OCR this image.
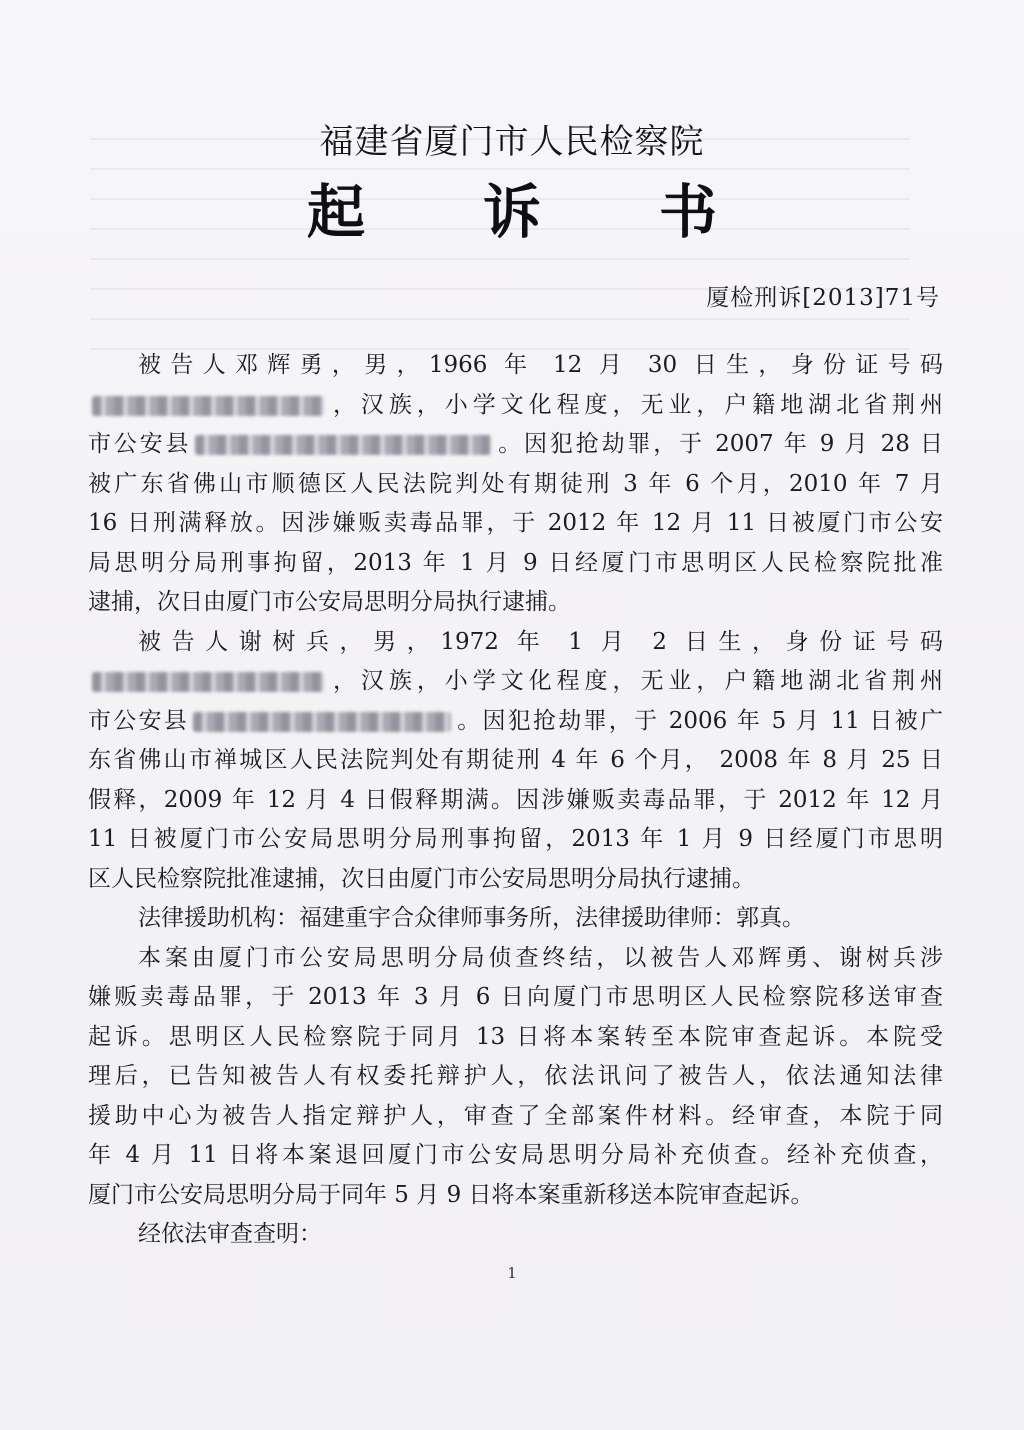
福建省厦门市人民检察院
起诉书
厦检刑诉[2013]71号
被告人邓辉勇，男，1966 年 12 月 30 日生，身份证号码
，汉族，小学文化程度，无业，户籍地湖北省荆州
市公安县	。因犯抢劫罪，于 2007 年 9 月 28 日
被广东省佛山市顺德区人民法院判处有期徒刑 3 年 6 个月，2010 年 7 月
16 日刑满释放。因涉嫌贩卖毒品罪，于 2012 年 12 月 11 日被厦门市公安
局思明分局刑事拘留，2013 年 1 月 9 日经厦门市思明区人民检察院批准
逮捕，次日由厦门市公安局思明分局执行逮捕。
被告人谢树兵，男，1972 年 1 月 2 日生，身份证号码
，汉族，小学文化程度，无业，户籍地湖北省荆州
市公安县	。因犯抢劫罪，于 2006 年 5 月 11 日被广
东省佛山市禅城区人民法院判处有期徒刑 4 年 6 个月， 2008 年 8 月 25 日
假释，2009 年 12 月 4 日假释期满。因涉嫌贩卖毒品罪，于 2012 年 12 月
11 日被厦门市公安局思明分局刑事拘留，2013 年 1 月 9 日经厦门市思明
区人民检察院批准逮捕，次日由厦门市公安局思明分局执行逮捕。
法律援助机构：福建重宇合众律师事务所，法律援助律师：郭真。
本案由厦门市公安局思明分局侦查终结，以被告人邓辉勇、谢树兵涉
嫌贩卖毒品罪，于 2013 年 3 月 6 日向厦门市思明区人民检察院移送审查
起诉。思明区人民检察院于同月 13 日将本案转至本院审查起诉。本院受
理后，已告知被告人有权委托辩护人，依法讯问了被告人，依法通知法律
援助中心为被告人指定辩护人，审查了全部案件材料。经审查，本院于同
年 4 月 11 日将本案退回厦门市公安局思明分局补充侦查。经补充侦查，
厦门市公安局思明分局于同年 5 月 9 日将本案重新移送本院审查起诉。
经依法审查查明：
1
